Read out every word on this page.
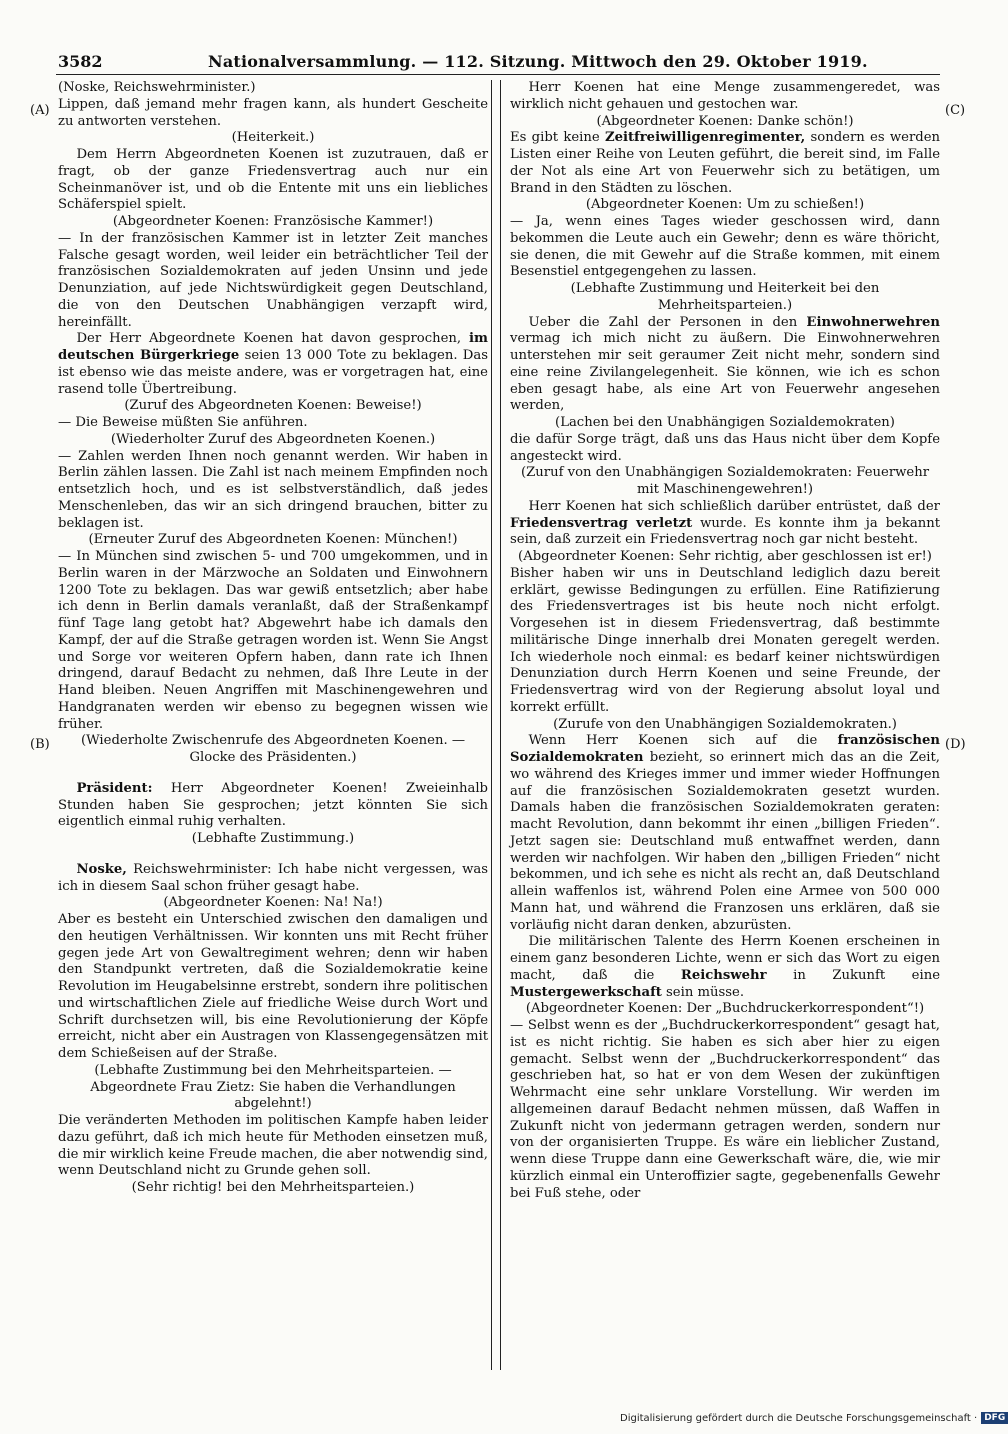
3582	Nationalversammlung. — 112. Sitzung. Mittwoch den 29. Oktober 1919.
(A)
(B)
(C)
(D)

(Noske, Reichswehrminister.)

Lippen, daß jemand mehr fragen kann, als hundert Gescheite zu antworten verstehen.

(Heiterkeit.)

Dem Herrn Abgeordneten Koenen ist zuzutrauen, daß er fragt, ob der ganze Friedensvertrag auch nur ein Scheinmanöver ist, und ob die Entente mit uns ein liebliches Schäferspiel spielt.

(Abgeordneter Koenen: Französische Kammer!)

— In der französischen Kammer ist in letzter Zeit manches Falsche gesagt worden, weil leider ein beträchtlicher Teil der französischen Sozialdemokraten auf jeden Unsinn und jede Denunziation, auf jede Nichtswürdigkeit gegen Deutschland, die von den Deutschen Unabhängigen verzapft wird, hereinfällt.

Der Herr Abgeordnete Koenen hat davon gesprochen, im deutschen Bürgerkriege seien 13 000 Tote zu beklagen. Das ist ebenso wie das meiste andere, was er vorgetragen hat, eine rasend tolle Übertreibung.

(Zuruf des Abgeordneten Koenen: Beweise!)

— Die Beweise müßten Sie anführen.

(Wiederholter Zuruf des Abgeordneten Koenen.)

— Zahlen werden Ihnen noch genannt werden. Wir haben in Berlin zählen lassen. Die Zahl ist nach meinem Empfinden noch entsetzlich hoch, und es ist selbstverständlich, daß jedes Menschenleben, das wir an sich dringend brauchen, bitter zu beklagen ist.

(Erneuter Zuruf des Abgeordneten Koenen: München!)

— In München sind zwischen 5- und 700 umgekommen, und in Berlin waren in der Märzwoche an Soldaten und Einwohnern 1200 Tote zu beklagen. Das war gewiß entsetzlich; aber habe ich denn in Berlin damals veranlaßt, daß der Straßenkampf fünf Tage lang getobt hat? Abgewehrt habe ich damals den Kampf, der auf die Straße getragen worden ist. Wenn Sie Angst und Sorge vor weiteren Opfern haben, dann rate ich Ihnen dringend, darauf Bedacht zu nehmen, daß Ihre Leute in der Hand bleiben. Neuen Angriffen mit Maschinengewehren und Handgranaten werden wir ebenso zu begegnen wissen wie früher.

(Wiederholte Zwischenrufe des Abgeordneten Koenen. — Glocke des Präsidenten.)

Präsident: Herr Abgeordneter Koenen! Zweieinhalb Stunden haben Sie gesprochen; jetzt könnten Sie sich eigentlich einmal ruhig verhalten.

(Lebhafte Zustimmung.)

Noske, Reichswehrminister: Ich habe nicht vergessen, was ich in diesem Saal schon früher gesagt habe.

(Abgeordneter Koenen: Na! Na!)

Aber es besteht ein Unterschied zwischen den damaligen und den heutigen Verhältnissen. Wir konnten uns mit Recht früher gegen jede Art von Gewaltregiment wehren; denn wir haben den Standpunkt vertreten, daß die Sozialdemokratie keine Revolution im Heugabelsinne erstrebt, sondern ihre politischen und wirtschaftlichen Ziele auf friedliche Weise durch Wort und Schrift durchsetzen will, bis eine Revolutionierung der Köpfe erreicht, nicht aber ein Austragen von Klassengegensätzen mit dem Schießeisen auf der Straße.

(Lebhafte Zustimmung bei den Mehrheitsparteien. — Abgeordnete Frau Zietz: Sie haben die Verhandlungen abgelehnt!)

Die veränderten Methoden im politischen Kampfe haben leider dazu geführt, daß ich mich heute für Methoden einsetzen muß, die mir wirklich keine Freude machen, die aber notwendig sind, wenn Deutschland nicht zu Grunde gehen soll.

(Sehr richtig! bei den Mehrheitsparteien.)

Herr Koenen hat eine Menge zusammengeredet, was wirklich nicht gehauen und gestochen war.

(Abgeordneter Koenen: Danke schön!)

Es gibt keine Zeitfreiwilligenregimenter, sondern es werden Listen einer Reihe von Leuten geführt, die bereit sind, im Falle der Not als eine Art von Feuerwehr sich zu betätigen, um Brand in den Städten zu löschen.

(Abgeordneter Koenen: Um zu schießen!)

— Ja, wenn eines Tages wieder geschossen wird, dann bekommen die Leute auch ein Gewehr; denn es wäre thöricht, sie denen, die mit Gewehr auf die Straße kommen, mit einem Besenstiel entgegengehen zu lassen.

(Lebhafte Zustimmung und Heiterkeit bei den Mehrheitsparteien.)

Ueber die Zahl der Personen in den Einwohnerwehren vermag ich mich nicht zu äußern. Die Einwohnerwehren unterstehen mir seit geraumer Zeit nicht mehr, sondern sind eine reine Zivilangelegenheit. Sie können, wie ich es schon eben gesagt habe, als eine Art von Feuerwehr angesehen werden,

(Lachen bei den Unabhängigen Sozialdemokraten)

die dafür Sorge trägt, daß uns das Haus nicht über dem Kopfe angesteckt wird.

(Zuruf von den Unabhängigen Sozialdemokraten: Feuerwehr mit Maschinengewehren!)

Herr Koenen hat sich schließlich darüber entrüstet, daß der Friedensvertrag verletzt wurde. Es konnte ihm ja bekannt sein, daß zurzeit ein Friedensvertrag noch gar nicht besteht.

(Abgeordneter Koenen: Sehr richtig, aber geschlossen ist er!)

Bisher haben wir uns in Deutschland lediglich dazu bereit erklärt, gewisse Bedingungen zu erfüllen. Eine Ratifizierung des Friedensvertrages ist bis heute noch nicht erfolgt. Vorgesehen ist in diesem Friedensvertrag, daß bestimmte militärische Dinge innerhalb drei Monaten geregelt werden. Ich wiederhole noch einmal: es bedarf keiner nichtswürdigen Denunziation durch Herrn Koenen und seine Freunde, der Friedensvertrag wird von der Regierung absolut loyal und korrekt erfüllt.

(Zurufe von den Unabhängigen Sozialdemokraten.)

Wenn Herr Koenen sich auf die französischen Sozialdemokraten bezieht, so erinnert mich das an die Zeit, wo während des Krieges immer und immer wieder Hoffnungen auf die französischen Sozialdemokraten gesetzt wurden. Damals haben die französischen Sozialdemokraten geraten: macht Revolution, dann bekommt ihr einen „billigen Frieden“. Jetzt sagen sie: Deutschland muß entwaffnet werden, dann werden wir nachfolgen. Wir haben den „billigen Frieden“ nicht bekommen, und ich sehe es nicht als recht an, daß Deutschland allein waffenlos ist, während Polen eine Armee von 500 000 Mann hat, und während die Franzosen uns erklären, daß sie vorläufig nicht daran denken, abzurüsten.

Die militärischen Talente des Herrn Koenen erscheinen in einem ganz besonderen Lichte, wenn er sich das Wort zu eigen macht, daß die Reichswehr in Zukunft eine Mustergewerkschaft sein müsse.

(Abgeordneter Koenen: Der „Buchdruckerkorrespondent“!)

— Selbst wenn es der „Buchdruckerkorrespondent“ gesagt hat, ist es nicht richtig. Sie haben es sich aber hier zu eigen gemacht. Selbst wenn der „Buchdruckerkorrespondent“ das geschrieben hat, so hat er von dem Wesen der zukünftigen Wehrmacht eine sehr unklare Vorstellung. Wir werden im allgemeinen darauf Bedacht nehmen müssen, daß Waffen in Zukunft nicht von jedermann getragen werden, sondern nur von der organisierten Truppe. Es wäre ein lieblicher Zustand, wenn diese Truppe dann eine Gewerkschaft wäre, die, wie mir kürzlich einmal ein Unteroffizier sagte, gegebenenfalls Gewehr bei Fuß stehe, oder

Digitalisierung gefördert durch die Deutsche Forschungsgemeinschaft · DFG
